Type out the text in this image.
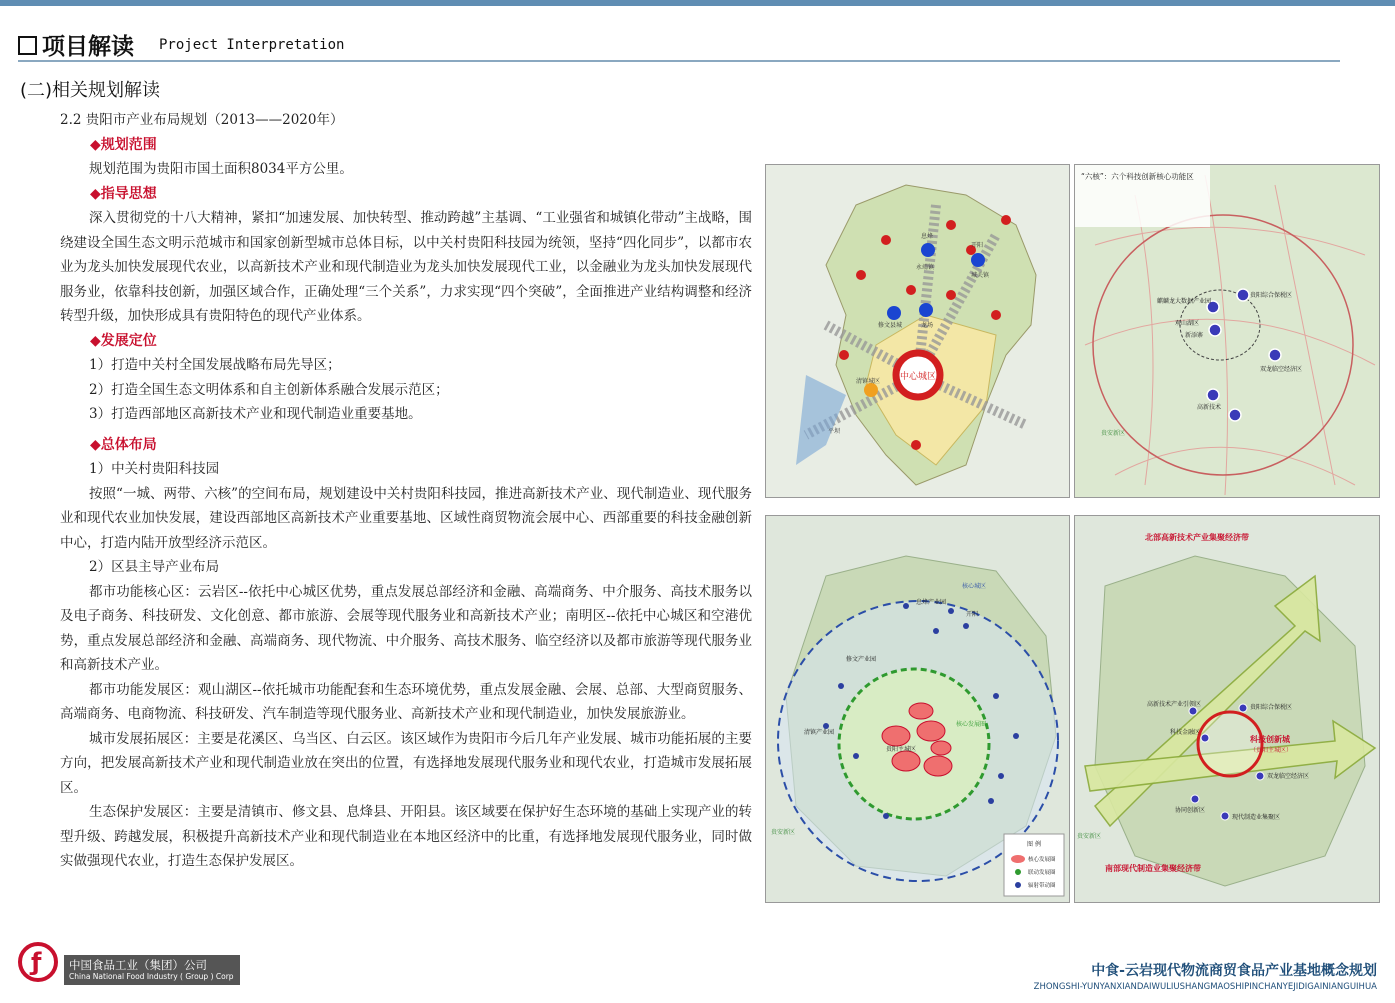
项目解读 Project Interpretation
(二)相关规划解读
2.2 贵阳市产业布局规划（2013——2020年）
◆规划范围
规划范围为贵阳市国土面积8034平方公里。
◆指导思想
深入贯彻党的十八大精神，紧扣“加速发展、加快转型、推动跨越”主基调、“工业强省和城镇化带动”主战略，围绕建设全国生态文明示范城市和国家创新型城市总体目标，以中关村贵阳科技园为统领，坚持“四化同步”，以都市农业为龙头加快发展现代农业，以高新技术产业和现代制造业为龙头加快发展现代工业，以金融业为龙头加快发展现代服务业，依靠科技创新，加强区域合作，正确处理“三个关系”，力求实现“四个突破”，全面推进产业结构调整和经济转型升级，加快形成具有贵阳特色的现代产业体系。
◆发展定位
1）打造中关村全国发展战略布局先导区；
2）打造全国生态文明体系和自主创新体系融合发展示范区；
3）打造西部地区高新技术产业和现代制造业重要基地。
◆总体布局
1）中关村贵阳科技园
按照“一城、两带、六核”的空间布局，规划建设中关村贵阳科技园，推进高新技术产业、现代制造业、现代服务业和现代农业加快发展，建设西部地区高新技术产业重要基地、区域性商贸物流会展中心、西部重要的科技金融创新中心，打造内陆开放型经济示范区。
2）区县主导产业布局
都市功能核心区：云岩区--依托中心城区优势，重点发展总部经济和金融、高端商务、中介服务、高技术服务以及电子商务、科技研发、文化创意、都市旅游、会展等现代服务业和高新技术产业；南明区--依托中心城区和空港优势，重点发展总部经济和金融、高端商务、现代物流、中介服务、高技术服务、临空经济以及都市旅游等现代服务业和高新技术产业。
都市功能发展区：观山湖区--依托城市功能配套和生态环境优势，重点发展金融、会展、总部、大型商贸服务、高端商务、电商物流、科技研发、汽车制造等现代服务业、高新技术产业和现代制造业，加快发展旅游业。
城市发展拓展区：主要是花溪区、乌当区、白云区。该区域作为贵阳市今后几年产业发展、城市功能拓展的主要方向，把发展高新技术产业和现代制造业放在突出的位置，有选择地发展现代服务业和现代农业，打造城市发展拓展区。
生态保护发展区：主要是清镇市、修文县、息烽县、开阳县。该区域要在保护好生态环境的基础上实现产业的转型升级、跨越发展，积极提升高新技术产业和现代制造业在本地区经济中的比重，有选择地发展现代服务业，同时做实做强现代农业，打造生态保护发展区。
中心城区
息烽
永靖镇
开阳
城关镇
修文县城	龙场
清镇城区
平坝
“六核”：六个科技创新核心功能区
麒麟龙大数据产业园
贵阳综合保税区
观山湖区
新添寨
高新技术
双龙临空经济区
贵安新区
核心城区
修文产业园
息烽产业园
清镇产业园
开阳
贵阳主城区
核心发展圈
贵安新区
图 例
核心发展圈
联动发展圈
辐射带动圈
科技创新城
（贵阳主城区）
北部高新技术产业集聚经济带
南部现代制造业集聚经济带
高新技术产业引领区	贵阳综合保税区
科技金融区
双龙临空经济区
协同创新区
现代制造业集聚区
贵安新区
ƒ 中国食品工业（集团）公司
China National Food Industry ( Group ) Corp	中食-云岩现代物流商贸食品产业基地概念规划
ZHONGSHI-YUNYANXIANDAIWULIUSHANGMAOSHIPINCHANYEJIDIGAINIANGUIHUA
